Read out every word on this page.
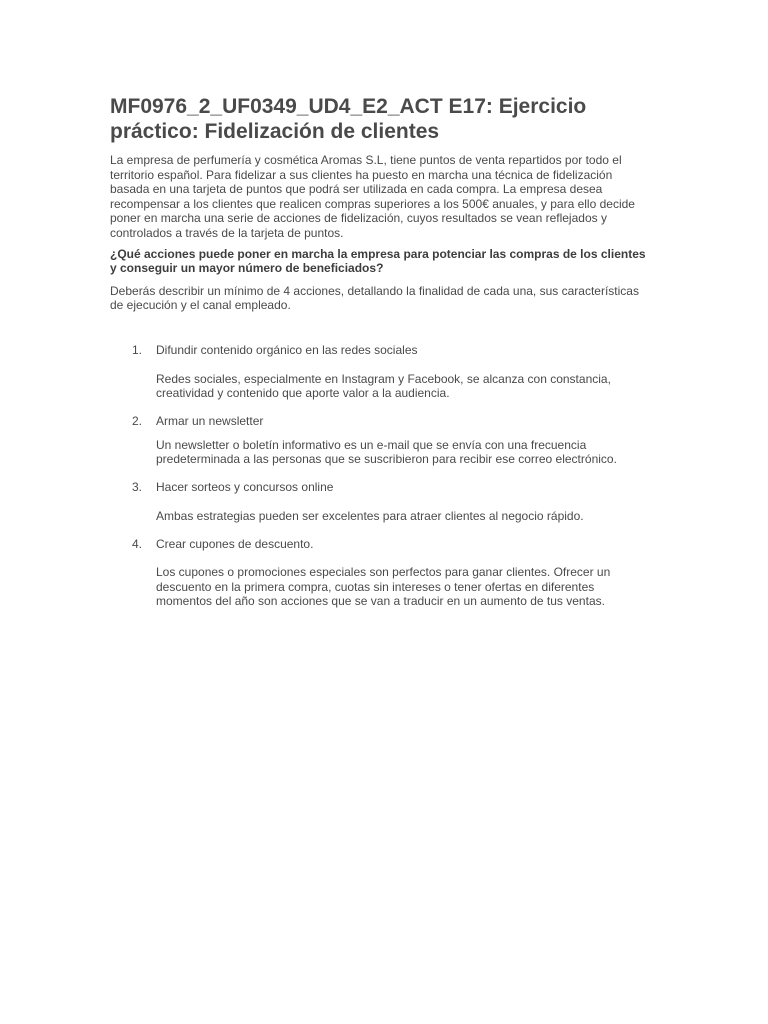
MF0976_2_UF0349_UD4_E2_ACT E17: Ejercicio práctico: Fidelización de clientes

La empresa de perfumería y cosmética Aromas S.L, tiene puntos de venta repartidos por todo el territorio español. Para fidelizar a sus clientes ha puesto en marcha una técnica de fidelización basada en una tarjeta de puntos que podrá ser utilizada en cada compra. La empresa desea recompensar a los clientes que realicen compras superiores a los 500€ anuales, y para ello decide poner en marcha una serie de acciones de fidelización, cuyos resultados se vean reflejados y controlados a través de la tarjeta de puntos.

¿Qué acciones puede poner en marcha la empresa para potenciar las compras de los clientes y conseguir un mayor número de beneficiados?

Deberás describir un mínimo de 4 acciones, detallando la finalidad de cada una, sus características de ejecución y el canal empleado.

1. Difundir contenido orgánico en las redes sociales

Redes sociales, especialmente en Instagram y Facebook, se alcanza con constancia, creatividad y contenido que aporte valor a la audiencia.

2. Armar un newsletter

Un newsletter o boletín informativo es un e-mail que se envía con una frecuencia predeterminada a las personas que se suscribieron para recibir ese correo electrónico.

3. Hacer sorteos y concursos online

Ambas estrategias pueden ser excelentes para atraer clientes al negocio rápido.

4. Crear cupones de descuento.

Los cupones o promociones especiales son perfectos para ganar clientes. Ofrecer un descuento en la primera compra, cuotas sin intereses o tener ofertas en diferentes momentos del año son acciones que se van a traducir en un aumento de tus ventas.
